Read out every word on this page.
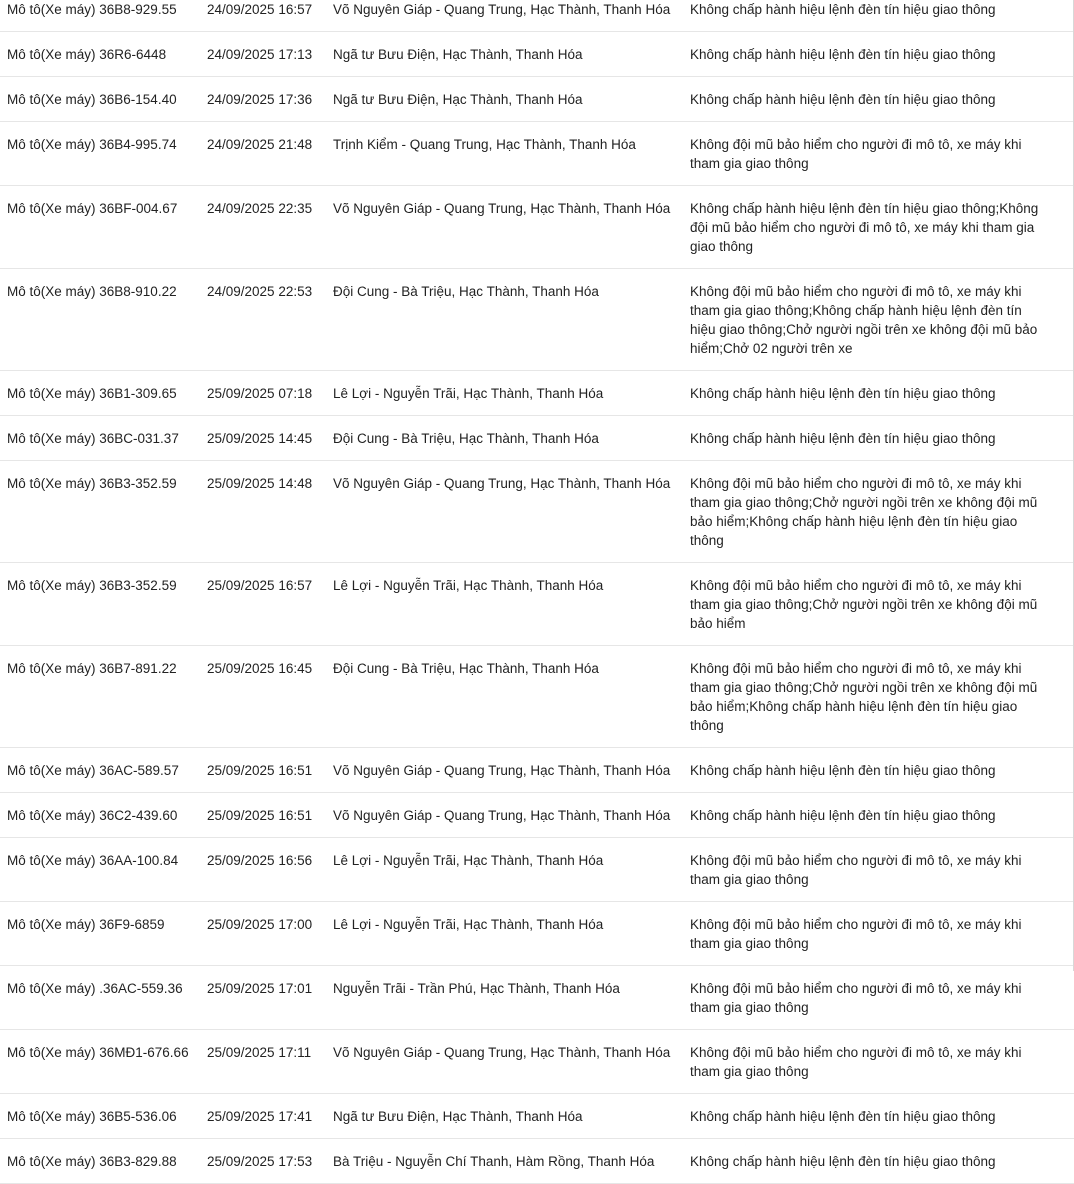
Mô tô(Xe máy) 36B8-929.55	24/09/2025 16:57	Võ Nguyên Giáp - Quang Trung, Hạc Thành, Thanh Hóa	Không chấp hành hiệu lệnh đèn tín hiệu giao thông
Mô tô(Xe máy) 36R6-6448	24/09/2025 17:13	Ngã tư Bưu Điện, Hạc Thành, Thanh Hóa	Không chấp hành hiệu lệnh đèn tín hiệu giao thông
Mô tô(Xe máy) 36B6-154.40	24/09/2025 17:36	Ngã tư Bưu Điện, Hạc Thành, Thanh Hóa	Không chấp hành hiệu lệnh đèn tín hiệu giao thông
Mô tô(Xe máy) 36B4-995.74	24/09/2025 21:48	Trịnh Kiểm - Quang Trung, Hạc Thành, Thanh Hóa	Không đội mũ bảo hiểm cho người đi mô tô, xe máy khi tham gia giao thông
Mô tô(Xe máy) 36BF-004.67	24/09/2025 22:35	Võ Nguyên Giáp - Quang Trung, Hạc Thành, Thanh Hóa	Không chấp hành hiệu lệnh đèn tín hiệu giao thông;Không đội mũ bảo hiểm cho người đi mô tô, xe máy khi tham gia giao thông
Mô tô(Xe máy) 36B8-910.22	24/09/2025 22:53	Đội Cung - Bà Triệu, Hạc Thành, Thanh Hóa	Không đội mũ bảo hiểm cho người đi mô tô, xe máy khi tham gia giao thông;Không chấp hành hiệu lệnh đèn tín hiệu giao thông;Chở người ngồi trên xe không đội mũ bảo hiểm;Chở 02 người trên xe
Mô tô(Xe máy) 36B1-309.65	25/09/2025 07:18	Lê Lợi - Nguyễn Trãi, Hạc Thành, Thanh Hóa	Không chấp hành hiệu lệnh đèn tín hiệu giao thông
Mô tô(Xe máy) 36BC-031.37	25/09/2025 14:45	Đội Cung - Bà Triệu, Hạc Thành, Thanh Hóa	Không chấp hành hiệu lệnh đèn tín hiệu giao thông
Mô tô(Xe máy) 36B3-352.59	25/09/2025 14:48	Võ Nguyên Giáp - Quang Trung, Hạc Thành, Thanh Hóa	Không đội mũ bảo hiểm cho người đi mô tô, xe máy khi tham gia giao thông;Chở người ngồi trên xe không đội mũ bảo hiểm;Không chấp hành hiệu lệnh đèn tín hiệu giao thông
Mô tô(Xe máy) 36B3-352.59	25/09/2025 16:57	Lê Lợi - Nguyễn Trãi, Hạc Thành, Thanh Hóa	Không đội mũ bảo hiểm cho người đi mô tô, xe máy khi tham gia giao thông;Chở người ngồi trên xe không đội mũ bảo hiểm
Mô tô(Xe máy) 36B7-891.22	25/09/2025 16:45	Đội Cung - Bà Triệu, Hạc Thành, Thanh Hóa	Không đội mũ bảo hiểm cho người đi mô tô, xe máy khi tham gia giao thông;Chở người ngồi trên xe không đội mũ bảo hiểm;Không chấp hành hiệu lệnh đèn tín hiệu giao thông
Mô tô(Xe máy) 36AC-589.57	25/09/2025 16:51	Võ Nguyên Giáp - Quang Trung, Hạc Thành, Thanh Hóa	Không chấp hành hiệu lệnh đèn tín hiệu giao thông
Mô tô(Xe máy) 36C2-439.60	25/09/2025 16:51	Võ Nguyên Giáp - Quang Trung, Hạc Thành, Thanh Hóa	Không chấp hành hiệu lệnh đèn tín hiệu giao thông
Mô tô(Xe máy) 36AA-100.84	25/09/2025 16:56	Lê Lợi - Nguyễn Trãi, Hạc Thành, Thanh Hóa	Không đội mũ bảo hiểm cho người đi mô tô, xe máy khi tham gia giao thông
Mô tô(Xe máy) 36F9-6859	25/09/2025 17:00	Lê Lợi - Nguyễn Trãi, Hạc Thành, Thanh Hóa	Không đội mũ bảo hiểm cho người đi mô tô, xe máy khi tham gia giao thông
Mô tô(Xe máy) .36AC-559.36	25/09/2025 17:01	Nguyễn Trãi - Trần Phú, Hạc Thành, Thanh Hóa	Không đội mũ bảo hiểm cho người đi mô tô, xe máy khi tham gia giao thông
Mô tô(Xe máy) 36MĐ1-676.66	25/09/2025 17:11	Võ Nguyên Giáp - Quang Trung, Hạc Thành, Thanh Hóa	Không đội mũ bảo hiểm cho người đi mô tô, xe máy khi tham gia giao thông
Mô tô(Xe máy) 36B5-536.06	25/09/2025 17:41	Ngã tư Bưu Điện, Hạc Thành, Thanh Hóa	Không chấp hành hiệu lệnh đèn tín hiệu giao thông
Mô tô(Xe máy) 36B3-829.88	25/09/2025 17:53	Bà Triệu - Nguyễn Chí Thanh, Hàm Rồng, Thanh Hóa	Không chấp hành hiệu lệnh đèn tín hiệu giao thông
